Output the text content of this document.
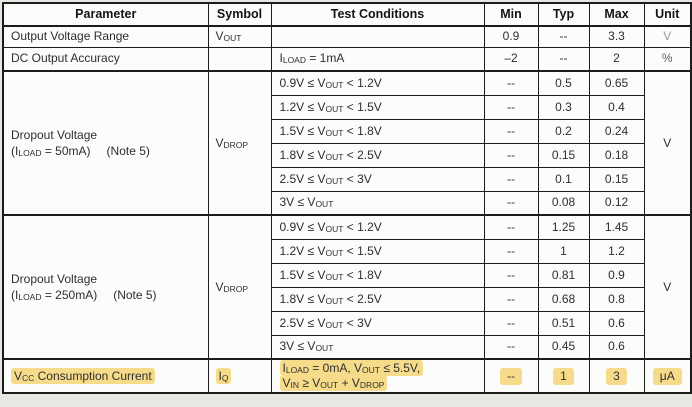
Parameter	Symbol	Test Conditions	Min	Typ	Max	Unit
Output Voltage Range	VOUT		0.9	--	3.3	V
DC Output Accuracy		ILOAD = 1mA	–2	--	2	%

Dropout Voltage
(ILOAD = 50mA) (Note 5)	VDROP	0.9V ≤ VOUT < 1.2V	--	0.5	0.65	V
		1.2V ≤ VOUT < 1.5V	--	0.3	0.4	
		1.5V ≤ VOUT < 1.8V	--	0.2	0.24	
		1.8V ≤ VOUT < 2.5V	--	0.15	0.18	
		2.5V ≤ VOUT < 3V	--	0.1	0.15	
		3V ≤ VOUT	--	0.08	0.12	

Dropout Voltage
(ILOAD = 250mA) (Note 5)	VDROP	0.9V ≤ VOUT < 1.2V	--	1.25	1.45	V
		1.2V ≤ VOUT < 1.5V	--	1	1.2	
		1.5V ≤ VOUT < 1.8V	--	0.81	0.9	
		1.8V ≤ VOUT < 2.5V	--	0.68	0.8	
		2.5V ≤ VOUT < 3V	--	0.51	0.6	
		3V ≤ VOUT	--	0.45	0.6	
VCC Consumption Current	IQ	ILOAD = 0mA, VOUT ≤ 5.5V,
VIN ≥ VOUT + VDROP	--	1	3	μA
